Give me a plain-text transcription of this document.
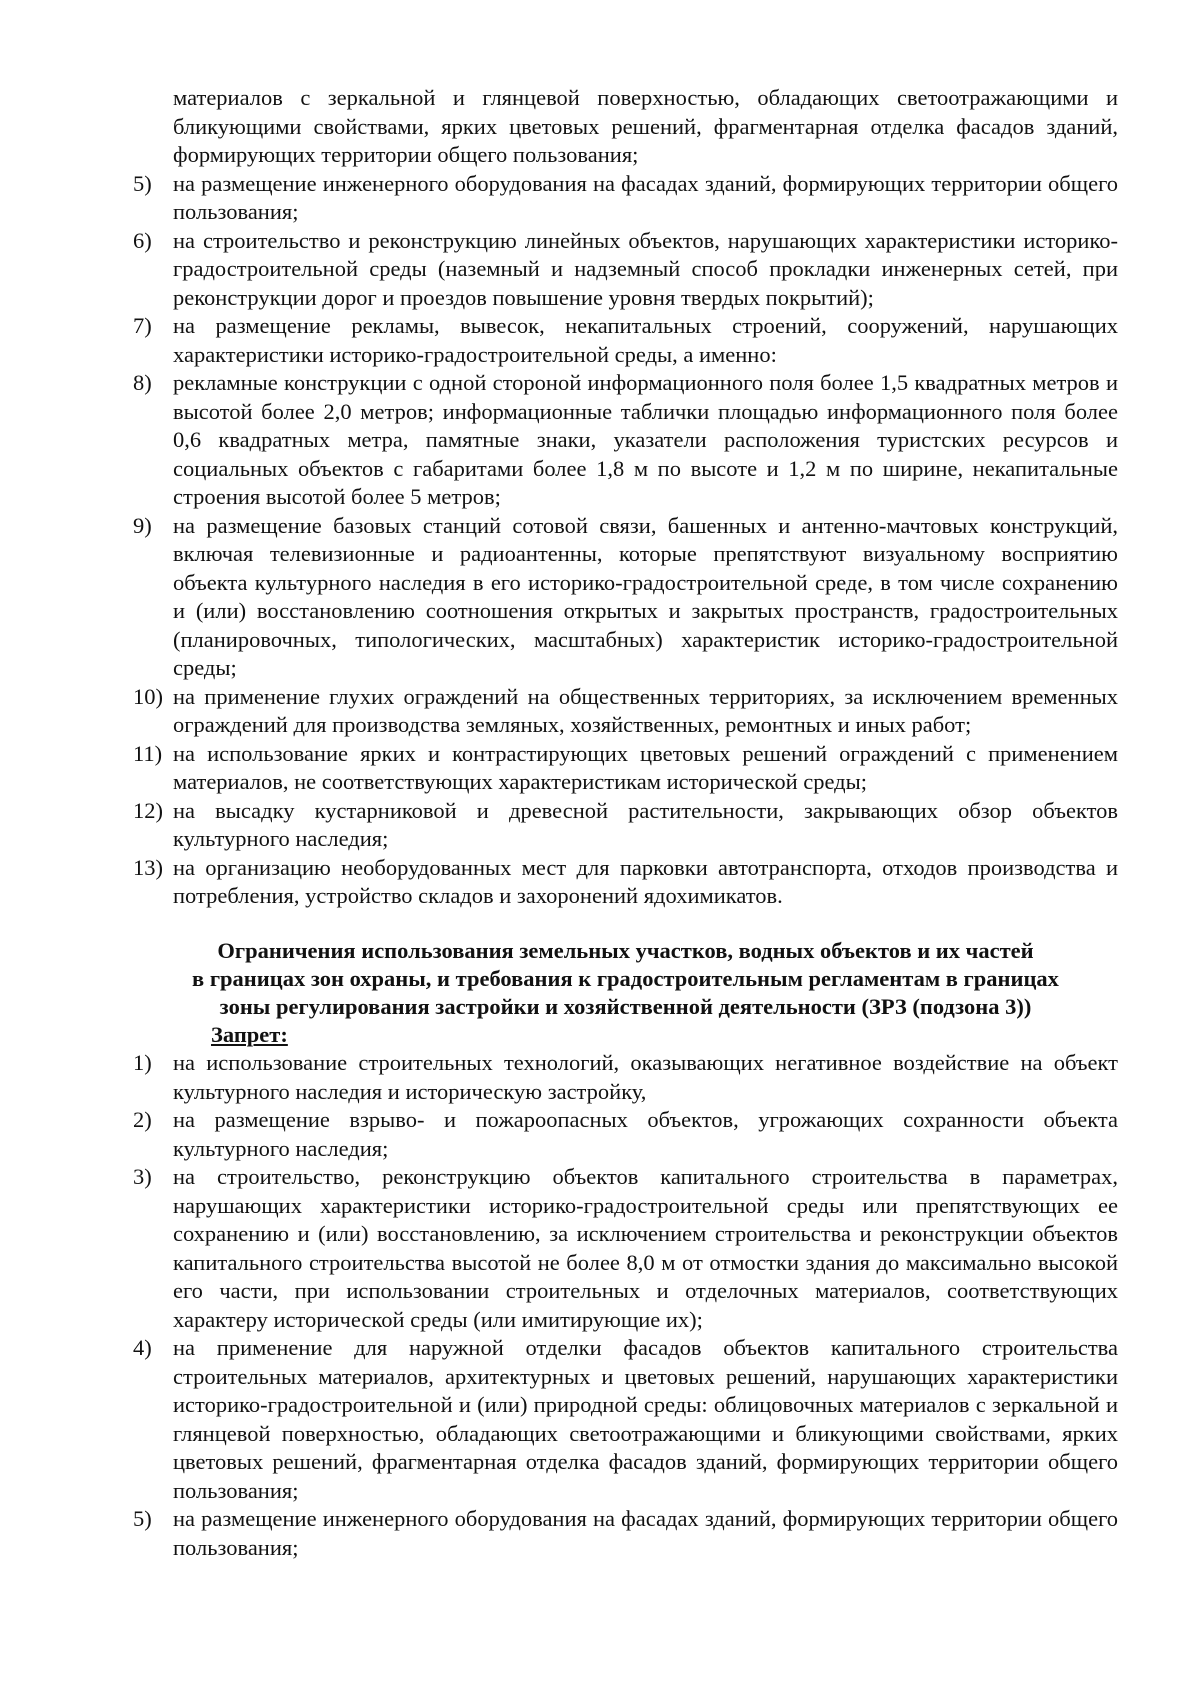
материалов с зеркальной и глянцевой поверхностью, обладающих светоотражающими и бликующими свойствами, ярких цветовых решений, фрагментарная отделка фасадов зданий, формирующих территории общего пользования;
5) на размещение инженерного оборудования на фасадах зданий, формирующих территории общего пользования;
6) на строительство и реконструкцию линейных объектов, нарушающих характеристики историко-градостроительной среды (наземный и надземный способ прокладки инженерных сетей, при реконструкции дорог и проездов повышение уровня твердых покрытий);
7) на размещение рекламы, вывесок, некапитальных строений, сооружений, нарушающих характеристики историко-градостроительной среды, а именно:
8) рекламные конструкции с одной стороной информационного поля более 1,5 квадратных метров и высотой более 2,0 метров; информационные таблички площадью информационного поля более 0,6 квадратных метра, памятные знаки, указатели расположения туристских ресурсов и социальных объектов с габаритами более 1,8 м по высоте и 1,2 м по ширине, некапитальные строения высотой более 5 метров;
9) на размещение базовых станций сотовой связи, башенных и антенно-мачтовых конструкций, включая телевизионные и радиоантенны, которые препятствуют визуальному восприятию объекта культурного наследия в его историко-градостроительной среде, в том числе сохранению и (или) восстановлению соотношения открытых и закрытых пространств, градостроительных (планировочных, типологических, масштабных) характеристик историко-градостроительной среды;
10) на применение глухих ограждений на общественных территориях, за исключением временных ограждений для производства земляных, хозяйственных, ремонтных и иных работ;
11) на использование ярких и контрастирующих цветовых решений ограждений с применением материалов, не соответствующих характеристикам исторической среды;
12) на высадку кустарниковой и древесной растительности, закрывающих обзор объектов культурного наследия;
13) на организацию необорудованных мест для парковки автотранспорта, отходов производства и потребления, устройство складов и захоронений ядохимикатов.
Ограничения использования земельных участков, водных объектов и их частей
в границах зон охраны, и требования к градостроительным регламентам в границах
зоны регулирования застройки и хозяйственной деятельности (ЗРЗ (подзона 3))
Запрет:
1) на использование строительных технологий, оказывающих негативное воздействие на объект культурного наследия и историческую застройку,
2) на размещение взрыво- и пожароопасных объектов, угрожающих сохранности объекта культурного наследия;
3) на строительство, реконструкцию объектов капитального строительства в параметрах, нарушающих характеристики историко-градостроительной среды или препятствующих ее сохранению и (или) восстановлению, за исключением строительства и реконструкции объектов капитального строительства высотой не более 8,0 м от отмостки здания до максимально высокой его части, при использовании строительных и отделочных материалов, соответствующих характеру исторической среды (или имитирующие их);
4) на применение для наружной отделки фасадов объектов капитального строительства строительных материалов, архитектурных и цветовых решений, нарушающих характеристики историко-градостроительной и (или) природной среды: облицовочных материалов с зеркальной и глянцевой поверхностью, обладающих светоотражающими и бликующими свойствами, ярких цветовых решений, фрагментарная отделка фасадов зданий, формирующих территории общего пользования;
5) на размещение инженерного оборудования на фасадах зданий, формирующих территории общего пользования;
